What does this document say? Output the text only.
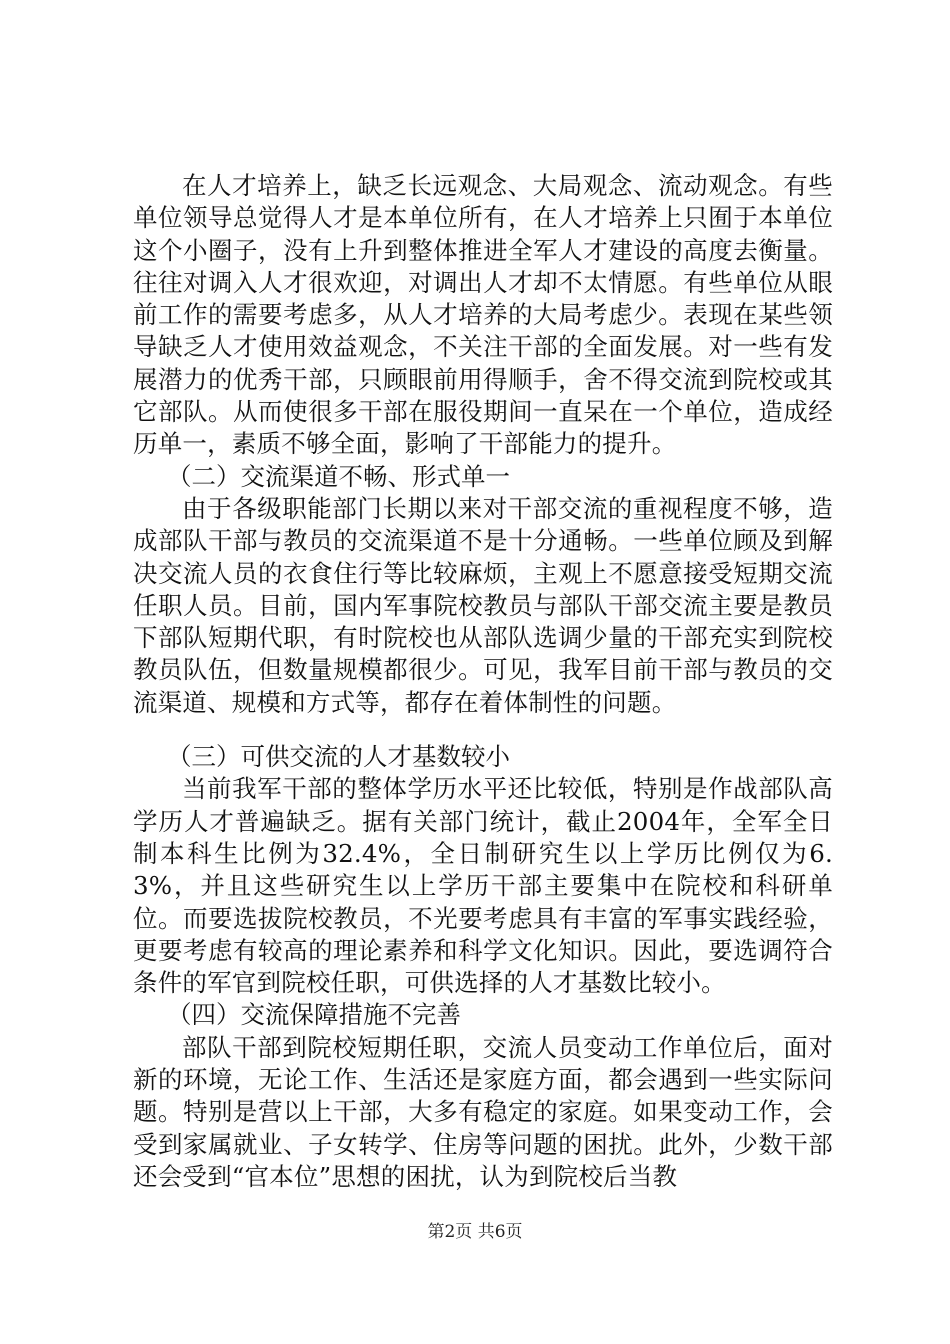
在人才培养上，缺乏长远观念、大局观念、流动观念。有些单位领导总觉得人才是本单位所有，在人才培养上只囿于本单位这个小圈子，没有上升到整体推进全军人才建设的高度去衡量。往往对调入人才很欢迎，对调出人才却不太情愿。有些单位从眼前工作的需要考虑多，从人才培养的大局考虑少。表现在某些领导缺乏人才使用效益观念，不关注干部的全面发展。对一些有发展潜力的优秀干部，只顾眼前用得顺手，舍不得交流到院校或其它部队。从而使很多干部在服役期间一直呆在一个单位，造成经历单一，素质不够全面，影响了干部能力的提升。

（二）交流渠道不畅、形式单一

由于各级职能部门长期以来对干部交流的重视程度不够，造成部队干部与教员的交流渠道不是十分通畅。一些单位顾及到解决交流人员的衣食住行等比较麻烦，主观上不愿意接受短期交流任职人员。目前，国内军事院校教员与部队干部交流主要是教员下部队短期代职，有时院校也从部队选调少量的干部充实到院校教员队伍，但数量规模都很少。可见，我军目前干部与教员的交流渠道、规模和方式等，都存在着体制性的问题。

（三）可供交流的人才基数较小

当前我军干部的整体学历水平还比较低，特别是作战部队高学历人才普遍缺乏。据有关部门统计，截止2004年，全军全日制本科生比例为32.4%，全日制研究生以上学历比例仅为6.3%，并且这些研究生以上学历干部主要集中在院校和科研单位。而要选拔院校教员，不光要考虑具有丰富的军事实践经验，更要考虑有较高的理论素养和科学文化知识。因此，要选调符合条件的军官到院校任职，可供选择的人才基数比较小。

（四）交流保障措施不完善

部队干部到院校短期任职，交流人员变动工作单位后，面对新的环境，无论工作、生活还是家庭方面，都会遇到一些实际问题。特别是营以上干部，大多有稳定的家庭。如果变动工作，会受到家属就业、子女转学、住房等问题的困扰。此外，少数干部还会受到“官本位”思想的困扰，认为到院校后当教

第2页 共6页
